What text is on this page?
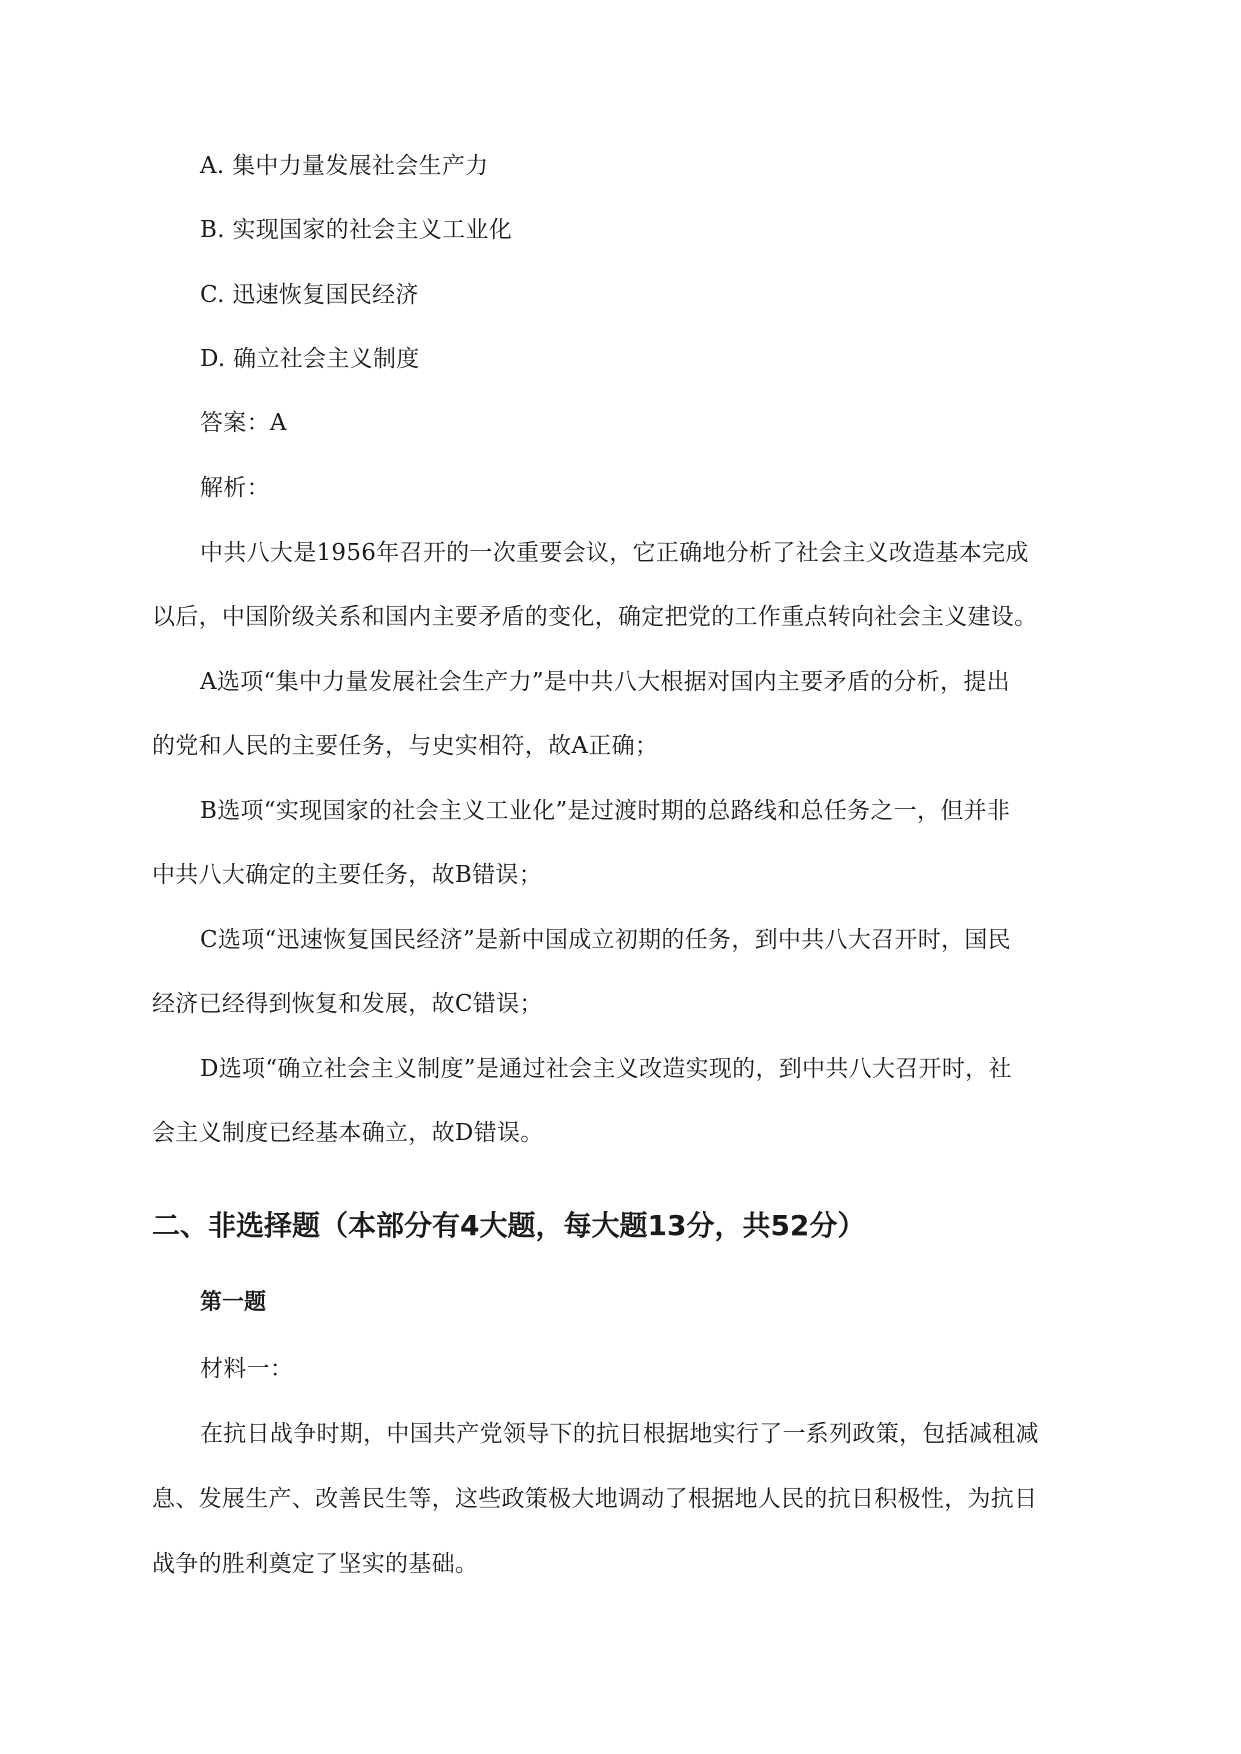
A. 集中力量发展社会生产力
B. 实现国家的社会主义工业化
C. 迅速恢复国民经济
D. 确立社会主义制度
答案：A
解析：
中共八大是1956年召开的一次重要会议，它正确地分析了社会主义改造基本完成
以后，中国阶级关系和国内主要矛盾的变化，确定把党的工作重点转向社会主义建设。
A选项“集中力量发展社会生产力”是中共八大根据对国内主要矛盾的分析，提出
的党和人民的主要任务，与史实相符，故A正确；
B选项“实现国家的社会主义工业化”是过渡时期的总路线和总任务之一，但并非
中共八大确定的主要任务，故B错误；
C选项“迅速恢复国民经济”是新中国成立初期的任务，到中共八大召开时，国民
经济已经得到恢复和发展，故C错误；
D选项“确立社会主义制度”是通过社会主义改造实现的，到中共八大召开时，社
会主义制度已经基本确立，故D错误。
二、非选择题（本部分有4大题，每大题13分，共52分）
第一题
材料一：
在抗日战争时期，中国共产党领导下的抗日根据地实行了一系列政策，包括减租减
息、发展生产、改善民生等，这些政策极大地调动了根据地人民的抗日积极性，为抗日
战争的胜利奠定了坚实的基础。
